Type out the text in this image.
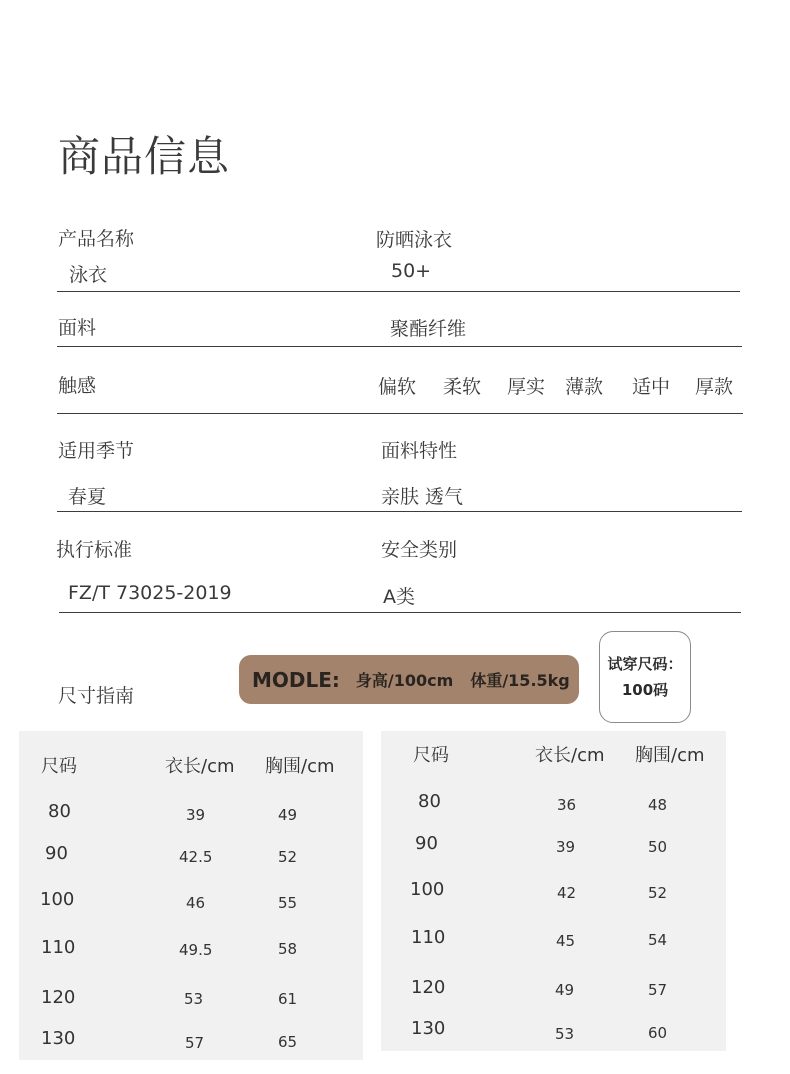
商品信息
产品名称	防晒泳衣
泳衣	50+
面料	聚酯纤维
触感	偏软 柔软 厚实 薄款 适中 厚款
适用季节	面料特性
春夏	亲肤 透气
执行标准	安全类别
FZ/T 73025-2019	A类
尺寸指南
MODLE: 身高/100cm 体重/15.5kg
试穿尺码：
100码
尺码	衣长/cm 胸围/cm
80	39	49
90	42.5	52
100	46	55
110	49.5	58
120	53	61
130	57	65
尺码	衣长/cm 胸围/cm
80	36	48
90	39	50
100	42	52
110	45	54
120	49	57
130	53	60
